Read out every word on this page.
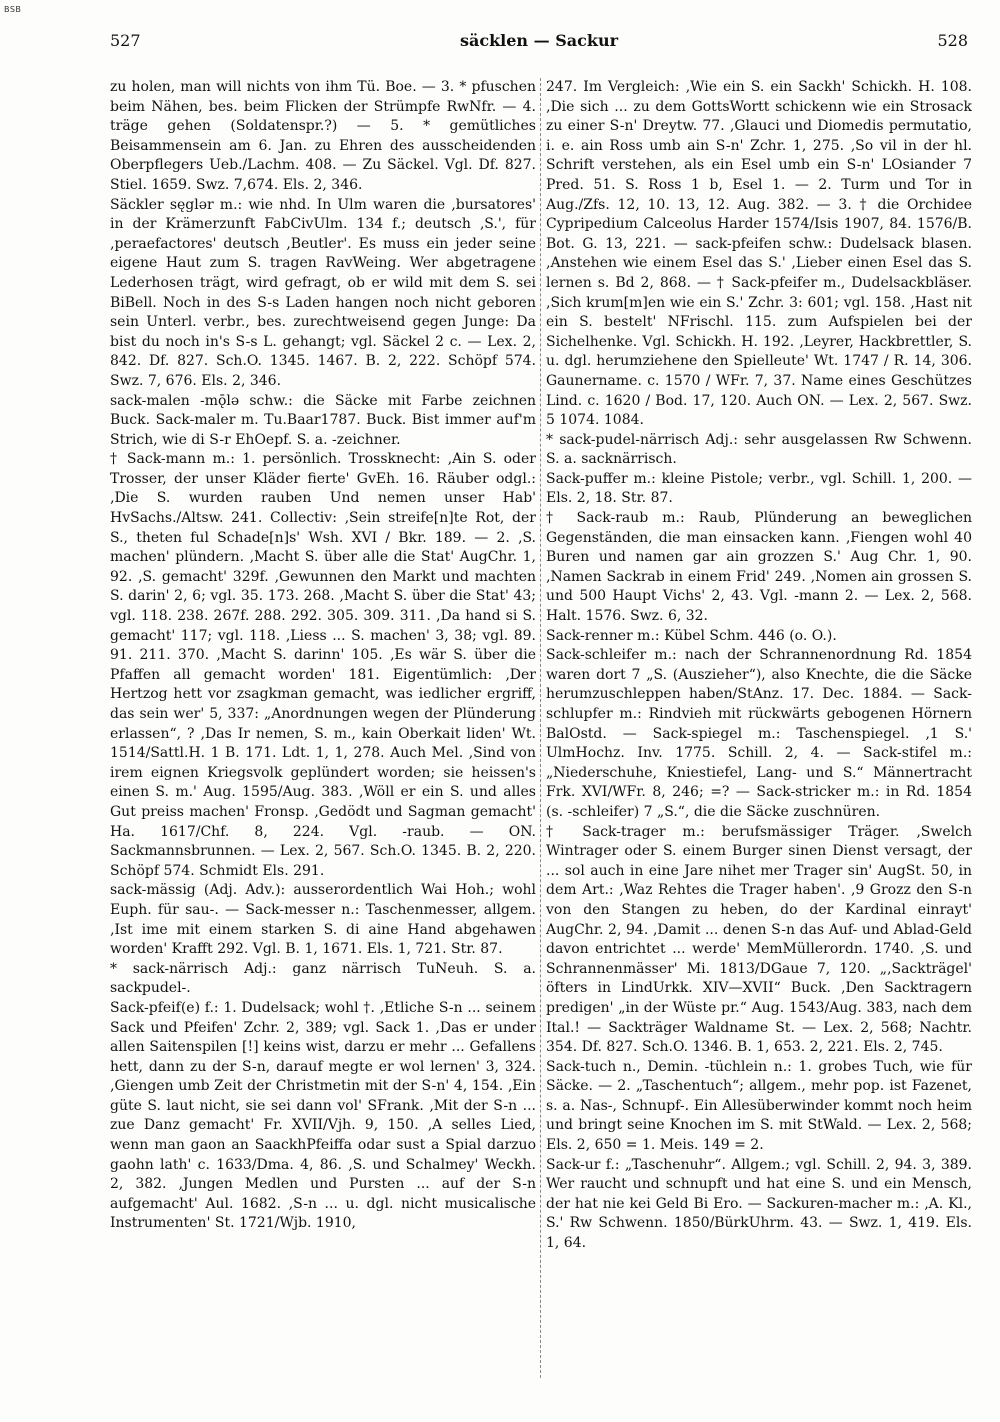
BSB
527	säcklen — Sackur	528

zu holen, man will nichts von ihm Tü. Boe. — 3. * pfuschen beim Nähen, bes. beim Flicken der Strümpfe RwNfr. — 4. träge gehen (Soldatenspr.?) — 5. * gemütliches Beisammensein am 6. Jan. zu Ehren des ausscheidenden Oberpflegers Ueb./Lachm. 408. — Zu Säckel. Vgl. Df. 827. Stiel. 1659. Swz. 7,674. Els. 2, 346.

Säckler sęglər m.: wie nhd. In Ulm waren die ‚bursatores' in der Krämerzunft FabCivUlm. 134 f.; deutsch ‚S.', für ‚peraefactores' deutsch ‚Beutler'. Es muss ein jeder seine eigene Haut zum S. tragen RavWeing. Wer abgetragene Lederhosen trägt, wird gefragt, ob er wild mit dem S. sei BiBell. Noch in des S-s Laden hangen noch nicht geboren sein Unterl. verbr., bes. zurechtweisend gegen Junge: Da bist du noch in's S-s L. gehangt; vgl. Säckel 2 c. — Lex. 2, 842. Df. 827. Sch.O. 1345. 1467. B. 2, 222. Schöpf 574. Swz. 7, 676. Els. 2, 346.

sack-malen -mǭlə schw.: die Säcke mit Farbe zeichnen Buck. Sack-maler m. Tu.Baar1787. Buck. Bist immer auf'm Strich, wie di S-r EhOepf. S. a. -zeichner.

† Sack-mann m.: 1. persönlich. Trossknecht: ‚Ain S. oder Trosser, der unser Kläder fierte' GvEh. 16. Räuber odgl.: ‚Die S. wurden rauben Und nemen unser Hab' HvSachs./Altsw. 241. Collectiv: ‚Sein streife[n]te Rot, der S., theten ful Schade[n]s' Wsh. XVI / Bkr. 189. — 2. ‚S. machen' plündern. ‚Macht S. über alle die Stat' AugChr. 1, 92. ‚S. gemacht' 329f. ‚Gewunnen den Markt und machten S. darin' 2, 6; vgl. 35. 173. 268. ‚Macht S. über die Stat' 43; vgl. 118. 238. 267f. 288. 292. 305. 309. 311. ‚Da hand si S. gemacht' 117; vgl. 118. ‚Liess ... S. machen' 3, 38; vgl. 89. 91. 211. 370. ‚Macht S. darinn' 105. ‚Es wär S. über die Pfaffen all gemacht worden' 181. Eigentümlich: ‚Der Hertzog hett vor zsagkman gemacht, was iedlicher ergriff, das sein wer' 5, 337: „Anordnungen wegen der Plünderung erlassen“, ? ‚Das Ir nemen, S. m., kain Oberkait liden' Wt. 1514/Sattl.H. 1 B. 171. Ldt. 1, 1, 278. Auch Mel. ‚Sind von irem eignen Kriegsvolk geplündert worden; sie heissen's einen S. m.' Aug. 1595/Aug. 383. ‚Wöll er ein S. und alles Gut preiss machen' Fronsp. ‚Gedödt und Sagman gemacht' Ha. 1617/Chf. 8, 224. Vgl. -raub. — ON. Sackmannsbrunnen. — Lex. 2, 567. Sch.O. 1345. B. 2, 220. Schöpf 574. Schmidt Els. 291.

sack-mässig (Adj. Adv.): ausserordentlich Wai Hoh.; wohl Euph. für sau-. — Sack-messer n.: Taschenmesser, allgem. ‚Ist ime mit einem starken S. di aine Hand abgehawen worden' Krafft 292. Vgl. B. 1, 1671. Els. 1, 721. Str. 87.

* sack-närrisch Adj.: ganz närrisch TuNeuh. S. a. sackpudel-.

Sack-pfeif(e) f.: 1. Dudelsack; wohl †. ‚Etliche S-n ... seinem Sack und Pfeifen' Zchr. 2, 389; vgl. Sack 1. ‚Das er under allen Saitenspilen [!] keins wist, darzu er mehr ... Gefallens hett, dann zu der S-n, darauf megte er wol lernen' 3, 324. ‚Giengen umb Zeit der Christmetin mit der S-n' 4, 154. ‚Ein güte S. laut nicht, sie sei dann vol' SFrank. ‚Mit der S-n ... zue Danz gemacht' Fr. XVII/Vjh. 9, 150. ‚A selles Lied, wenn man gaon an SaackhPfeiffa odar sust a Spial darzuo gaohn lath' c. 1633/Dma. 4, 86. ‚S. und Schalmey' Weckh. 2, 382. ‚Jungen Medlen und Pursten ... auf der S-n aufgemacht' Aul. 1682. ‚S-n ... u. dgl. nicht musicalische Instrumenten' St. 1721/Wjb. 1910,

247. Im Vergleich: ‚Wie ein S. ein Sackh' Schickh. H. 108. ‚Die sich ... zu dem GottsWortt schickenn wie ein Strosack zu einer S-n' Dreytw. 77. ‚Glauci und Diomedis permutatio, i. e. ain Ross umb ain S-n' Zchr. 1, 275. ‚So vil in der hl. Schrift verstehen, als ein Esel umb ein S-n' LOsiander 7 Pred. 51. S. Ross 1 b, Esel 1. — 2. Turm und Tor in Aug./Zfs. 12, 10. 13, 12. Aug. 382. — 3. † die Orchidee Cypripedium Calceolus Harder 1574/Isis 1907, 84. 1576/B. Bot. G. 13, 221. — sack-pfeifen schw.: Dudelsack blasen. ‚Anstehen wie einem Esel das S.' ‚Lieber einen Esel das S. lernen s. Bd 2, 868. — † Sack-pfeifer m., Dudelsackbläser. ‚Sich krum[m]en wie ein S.' Zchr. 3: 601; vgl. 158. ‚Hast nit ein S. bestelt' NFrischl. 115. zum Aufspielen bei der Sichelhenke. Vgl. Schickh. H. 192. ‚Leyrer, Hackbrettler, S. u. dgl. herumziehene den Spielleute' Wt. 1747 / R. 14, 306. Gaunername. c. 1570 / WFr. 7, 37. Name eines Geschützes Lind. c. 1620 / Bod. 17, 120. Auch ON. — Lex. 2, 567. Swz. 5 1074. 1084.

* sack-pudel-närrisch Adj.: sehr ausgelassen Rw Schwenn. S. a. sacknärrisch.

Sack-puffer m.: kleine Pistole; verbr., vgl. Schill. 1, 200. — Els. 2, 18. Str. 87.

† Sack-raub m.: Raub, Plünderung an beweglichen Gegenständen, die man einsacken kann. ‚Fiengen wohl 40 Buren und namen gar ain grozzen S.' Aug Chr. 1, 90. ‚Namen Sackrab in einem Frid' 249. ‚Nomen ain grossen S. und 500 Haupt Vichs' 2, 43. Vgl. -mann 2. — Lex. 2, 568. Halt. 1576. Swz. 6, 32.

Sack-renner m.: Kübel Schm. 446 (o. O.).

Sack-schleifer m.: nach der Schrannenordnung Rd. 1854 waren dort 7 „S. (Auszieher“), also Knechte, die die Säcke herumzuschleppen haben/StAnz. 17. Dec. 1884. — Sack-schlupfer m.: Rindvieh mit rückwärts gebogenen Hörnern BalOstd. — Sack-spiegel m.: Taschenspiegel. ‚1 S.' UlmHochz. Inv. 1775. Schill. 2, 4. — Sack-stifel m.: „Niederschuhe, Kniestiefel, Lang- und S.“ Männertracht Frk. XVI/WFr. 8, 246; =? — Sack-stricker m.: in Rd. 1854 (s. -schleifer) 7 „S.“, die die Säcke zuschnüren.

† Sack-trager m.: berufsmässiger Träger. ‚Swelch Wintrager oder S. einem Burger sinen Dienst versagt, der ... sol auch in eine Jare nihet mer Trager sin' AugSt. 50, in dem Art.: ‚Waz Rehtes die Trager haben'. ‚9 Grozz den S-n von den Stangen zu heben, do der Kardinal einrayt' AugChr. 2, 94. ‚Damit ... denen S-n das Auf- und Ablad-Geld davon entrichtet ... werde' MemMüllerordn. 1740. ‚S. und Schrannenmässer' Mi. 1813/DGaue 7, 120. „‚Sackträgel' öfters in LindUrkk. XIV—XVII“ Buck. ‚Den Sacktragern predigen' „in der Wüste pr.“ Aug. 1543/Aug. 383, nach dem Ital.! — Sackträger Waldname St. — Lex. 2, 568; Nachtr. 354. Df. 827. Sch.O. 1346. B. 1, 653. 2, 221. Els. 2, 745.

Sack-tuch n., Demin. -tüchlein n.: 1. grobes Tuch, wie für Säcke. — 2. „Taschentuch“; allgem., mehr pop. ist Fazenet, s. a. Nas-, Schnupf-. Ein Allesüberwinder kommt noch heim und bringt seine Knochen im S. mit StWald. — Lex. 2, 568; Els. 2, 650 = 1. Meis. 149 = 2.

Sack-ur f.: „Taschenuhr“. Allgem.; vgl. Schill. 2, 94. 3, 389. Wer raucht und schnupft und hat eine S. und ein Mensch, der hat nie kei Geld Bi Ero. — Sackuren-macher m.: ‚A. Kl., S.' Rw Schwenn. 1850/BürkUhrm. 43. — Swz. 1, 419. Els. 1, 64.
